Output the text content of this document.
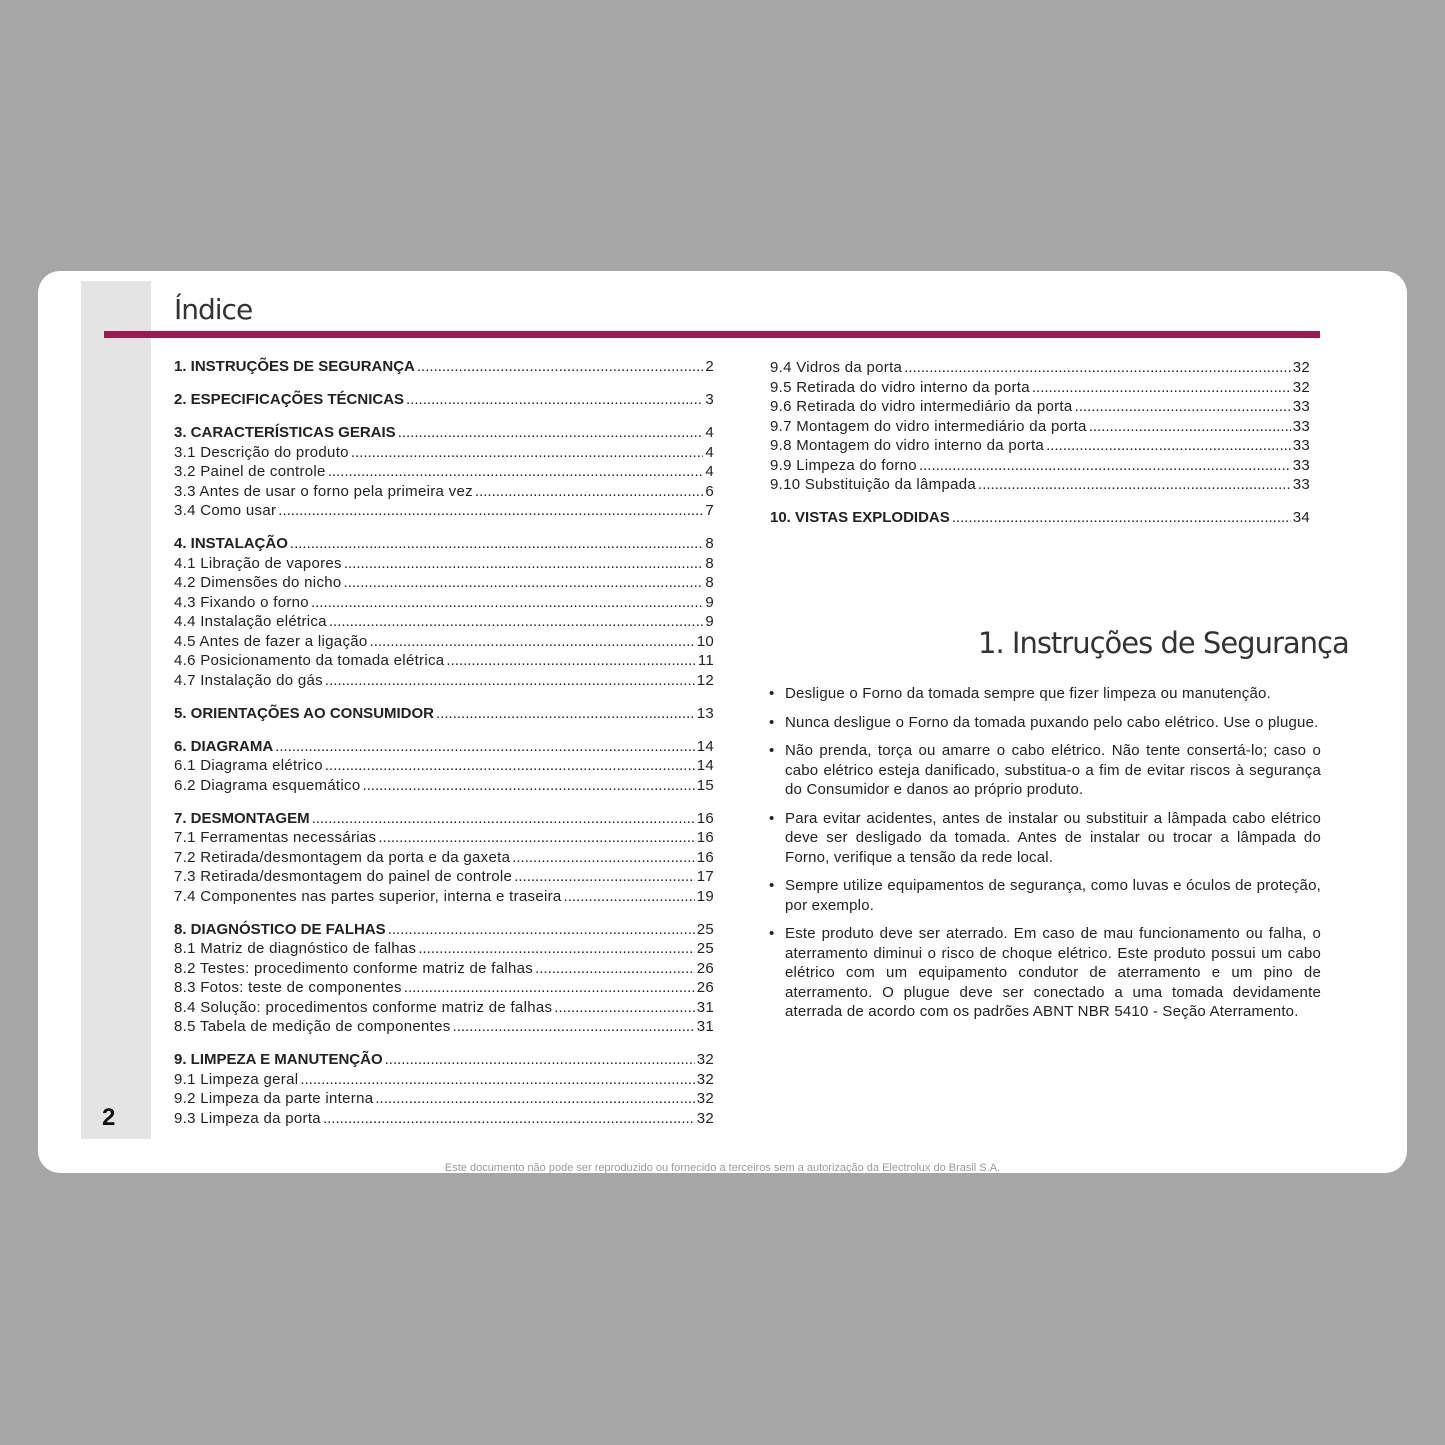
2
Índice
1. INSTRUÇÕES DE SEGURANÇA .....	2
2. ESPECIFICAÇÕES TÉCNICAS .....	3
3. CARACTERÍSTICAS GERAIS .....	4
3.1 Descrição do produto .....	4
3.2 Painel de controle .....	4
3.3 Antes de usar o forno pela primeira vez .....	6
3.4 Como usar .....	7
4. INSTALAÇÃO .....	8
4.1 Libração de vapores .....	8
4.2 Dimensões do nicho .....	8
4.3 Fixando o forno .....	9
4.4 Instalação elétrica .....	9
4.5 Antes de fazer a ligação .....	10
4.6 Posicionamento da tomada elétrica .....	11
4.7 Instalação do gás .....	12
5. ORIENTAÇÕES AO CONSUMIDOR .....	13
6. DIAGRAMA .....	14
6.1 Diagrama elétrico .....	14
6.2 Diagrama esquemático .....	15
7. DESMONTAGEM .....	16
7.1 Ferramentas necessárias .....	16
7.2 Retirada/desmontagem da porta e da gaxeta .....	16
7.3 Retirada/desmontagem do painel de controle .....	17
7.4 Componentes nas partes superior, interna e traseira .....	19
8. DIAGNÓSTICO DE FALHAS .....	25
8.1 Matriz de diagnóstico de falhas .....	25
8.2 Testes: procedimento conforme matriz de falhas .....	26
8.3 Fotos: teste de componentes .....	26
8.4 Solução: procedimentos conforme matriz de falhas .....	31
8.5 Tabela de medição de componentes .....	31
9. LIMPEZA E MANUTENÇÃO .....	32
9.1 Limpeza geral .....	32
9.2 Limpeza da parte interna .....	32
9.3 Limpeza da porta .....	32
9.4 Vidros da porta .....	32
9.5 Retirada do vidro interno da porta .....	32
9.6 Retirada do vidro intermediário da porta .....	33
9.7 Montagem do vidro intermediário da porta .....	33
9.8 Montagem do vidro interno da porta .....	33
9.9 Limpeza do forno .....	33
9.10 Substituição da lâmpada .....	33
10. VISTAS EXPLODIDAS .....	34
1. Instruções de Segurança
• Desligue o Forno da tomada sempre que fizer limpeza ou manutenção.
• Nunca desligue o Forno da tomada puxando pelo cabo elétrico. Use o plugue.
• Não prenda, torça ou amarre o cabo elétrico. Não tente consertá-lo; caso o cabo elétrico esteja danificado, substitua-o a fim de evitar riscos à segurança do Consumidor e danos ao próprio produto.
• Para evitar acidentes, antes de instalar ou substituir a lâmpada cabo elétrico deve ser desligado da tomada. Antes de instalar ou trocar a lâmpada do Forno, verifique a tensão da rede local.
• Sempre utilize equipamentos de segurança, como luvas e óculos de proteção, por exemplo.
• Este produto deve ser aterrado. Em caso de mau funcionamento ou falha, o aterramento diminui o risco de choque elétrico. Este produto possui um cabo elétrico com um equipamento condutor de aterramento e um pino de aterramento. O plugue deve ser conectado a uma tomada devidamente aterrada de acordo com os padrões ABNT NBR 5410 - Seção Aterramento.
Este documento não pode ser reproduzido ou fornecido a terceiros sem a autorização da Electrolux do Brasil S.A.
